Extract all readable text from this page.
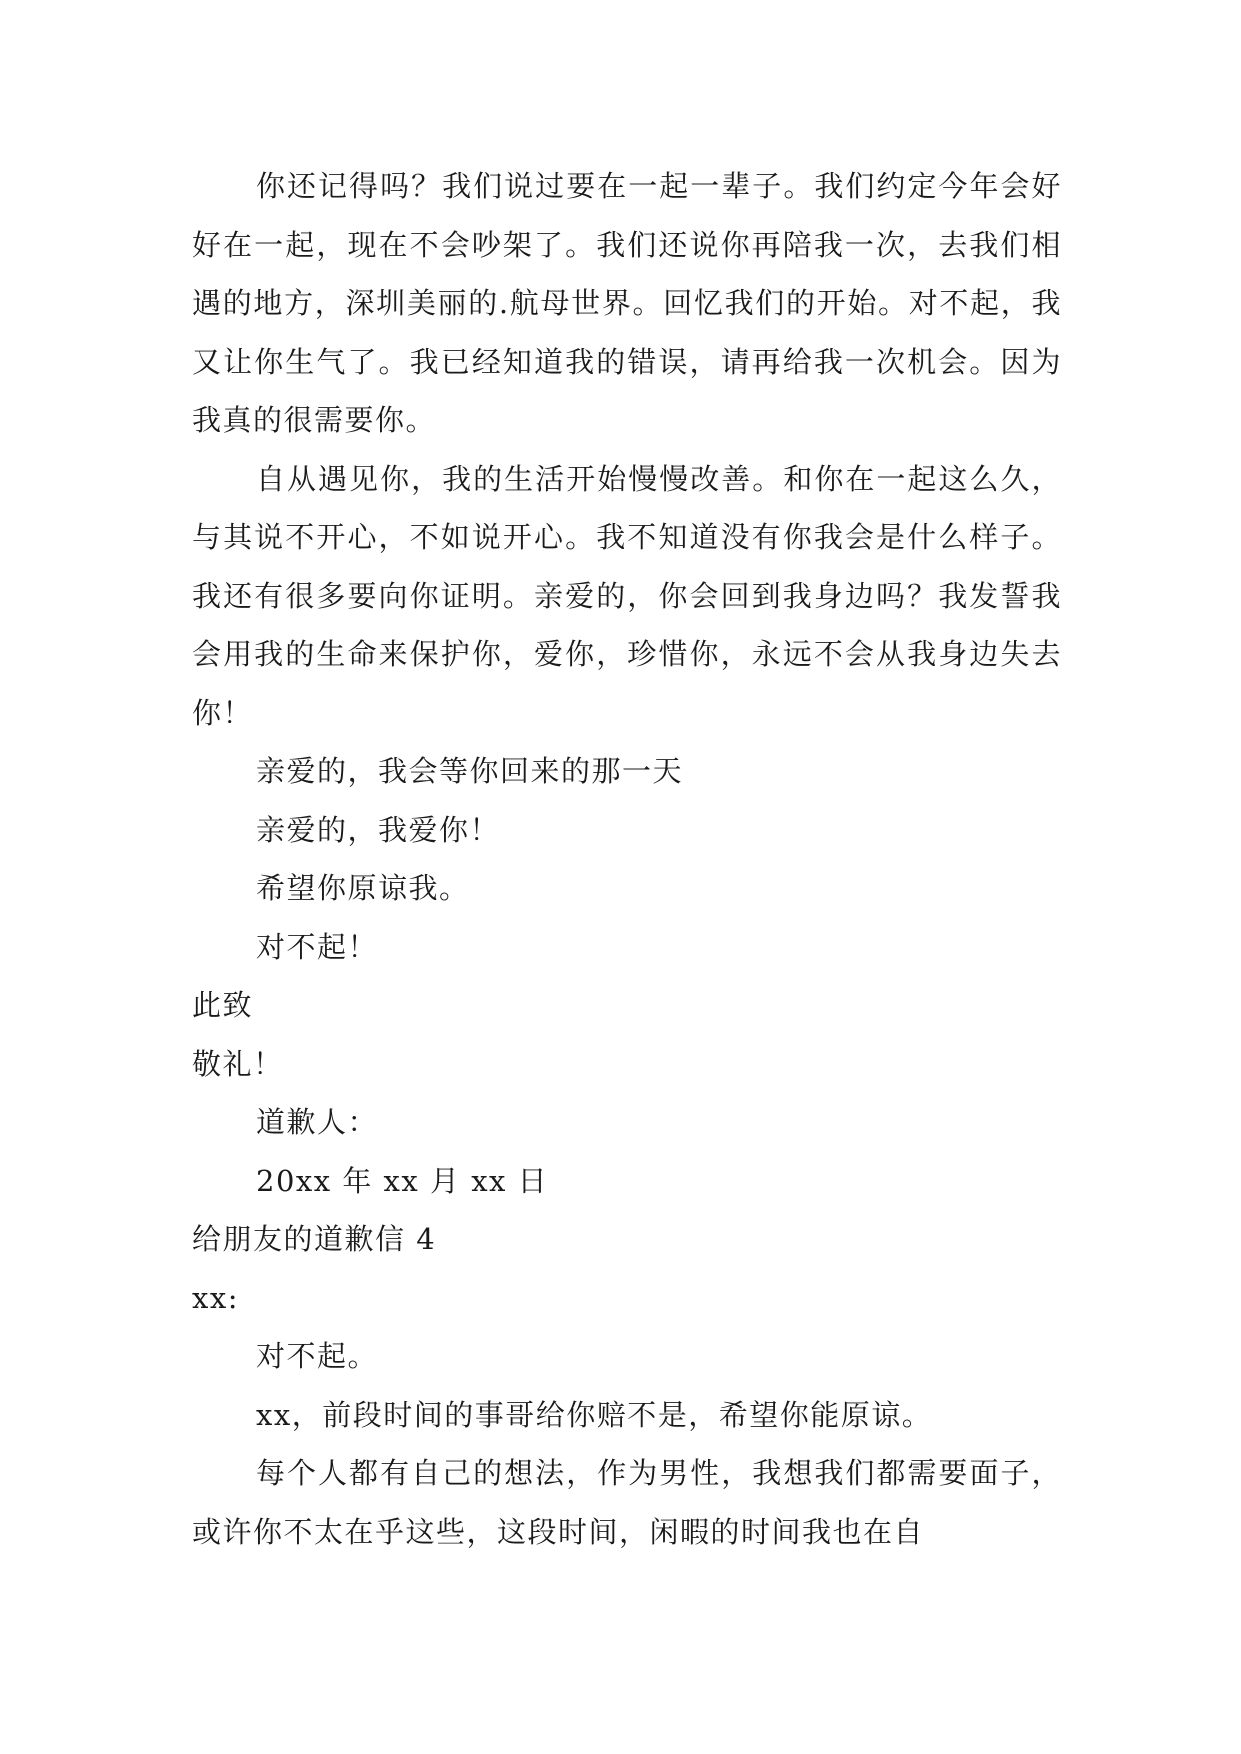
你还记得吗？我们说过要在一起一辈子。我们约定今年会好好在一起，现在不会吵架了。我们还说你再陪我一次，去我们相遇的地方，深圳美丽的.航母世界。回忆我们的开始。对不起，我又让你生气了。我已经知道我的错误，请再给我一次机会。因为我真的很需要你。

自从遇见你，我的生活开始慢慢改善。和你在一起这么久，与其说不开心，不如说开心。我不知道没有你我会是什么样子。我还有很多要向你证明。亲爱的，你会回到我身边吗？我发誓我会用我的生命来保护你，爱你，珍惜你，永远不会从我身边失去你！

亲爱的，我会等你回来的那一天

亲爱的，我爱你！

希望你原谅我。

对不起！

此致

敬礼！

道歉人：

20xx 年 xx 月 xx 日

给朋友的道歉信 4

xx:

对不起。

xx，前段时间的事哥给你赔不是，希望你能原谅。

每个人都有自己的想法，作为男性，我想我们都需要面子，或许你不太在乎这些，这段时间，闲暇的时间我也在自
